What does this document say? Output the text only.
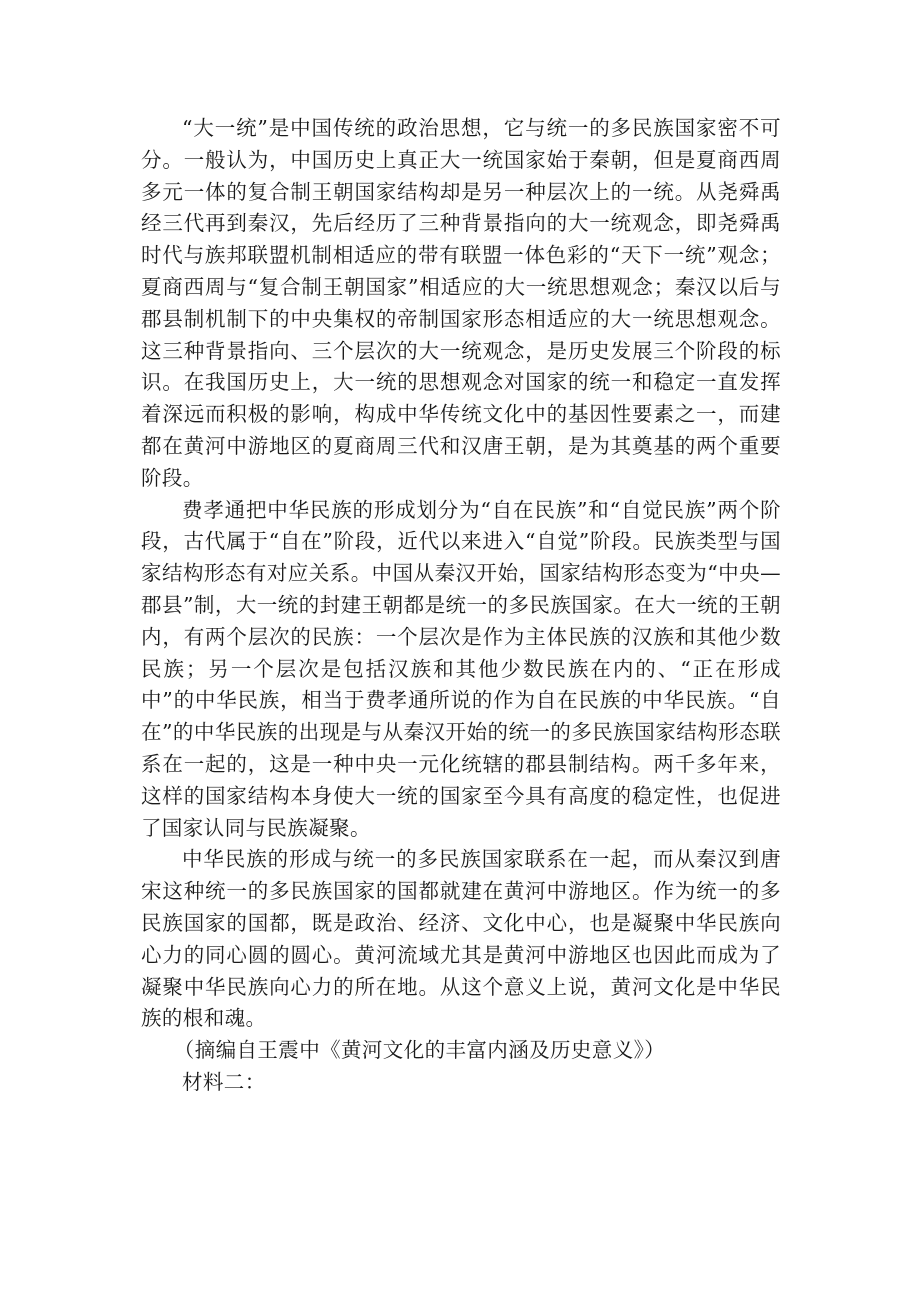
“大一统”是中国传统的政治思想，它与统一的多民族国家密不可分。一般认为，中国历史上真正大一统国家始于秦朝，但是夏商西周多元一体的复合制王朝国家结构却是另一种层次上的一统。从尧舜禹经三代再到秦汉，先后经历了三种背景指向的大一统观念，即尧舜禹时代与族邦联盟机制相适应的带有联盟一体色彩的“天下一统”观念；夏商西周与“复合制王朝国家”相适应的大一统思想观念；秦汉以后与郡县制机制下的中央集权的帝制国家形态相适应的大一统思想观念。这三种背景指向、三个层次的大一统观念，是历史发展三个阶段的标识。在我国历史上，大一统的思想观念对国家的统一和稳定一直发挥着深远而积极的影响，构成中华传统文化中的基因性要素之一，而建都在黄河中游地区的夏商周三代和汉唐王朝，是为其奠基的两个重要阶段。

费孝通把中华民族的形成划分为“自在民族”和“自觉民族”两个阶段，古代属于“自在”阶段，近代以来进入“自觉”阶段。民族类型与国家结构形态有对应关系。中国从秦汉开始，国家结构形态变为“中央—郡县”制，大一统的封建王朝都是统一的多民族国家。在大一统的王朝内，有两个层次的民族：一个层次是作为主体民族的汉族和其他少数民族；另一个层次是包括汉族和其他少数民族在内的、“正在形成中”的中华民族，相当于费孝通所说的作为自在民族的中华民族。“自在”的中华民族的出现是与从秦汉开始的统一的多民族国家结构形态联系在一起的，这是一种中央一元化统辖的郡县制结构。两千多年来，这样的国家结构本身使大一统的国家至今具有高度的稳定性，也促进了国家认同与民族凝聚。

中华民族的形成与统一的多民族国家联系在一起，而从秦汉到唐宋这种统一的多民族国家的国都就建在黄河中游地区。作为统一的多民族国家的国都，既是政治、经济、文化中心，也是凝聚中华民族向心力的同心圆的圆心。黄河流域尤其是黄河中游地区也因此而成为了凝聚中华民族向心力的所在地。从这个意义上说，黄河文化是中华民族的根和魂。

（摘编自王震中《黄河文化的丰富内涵及历史意义》）

材料二：
